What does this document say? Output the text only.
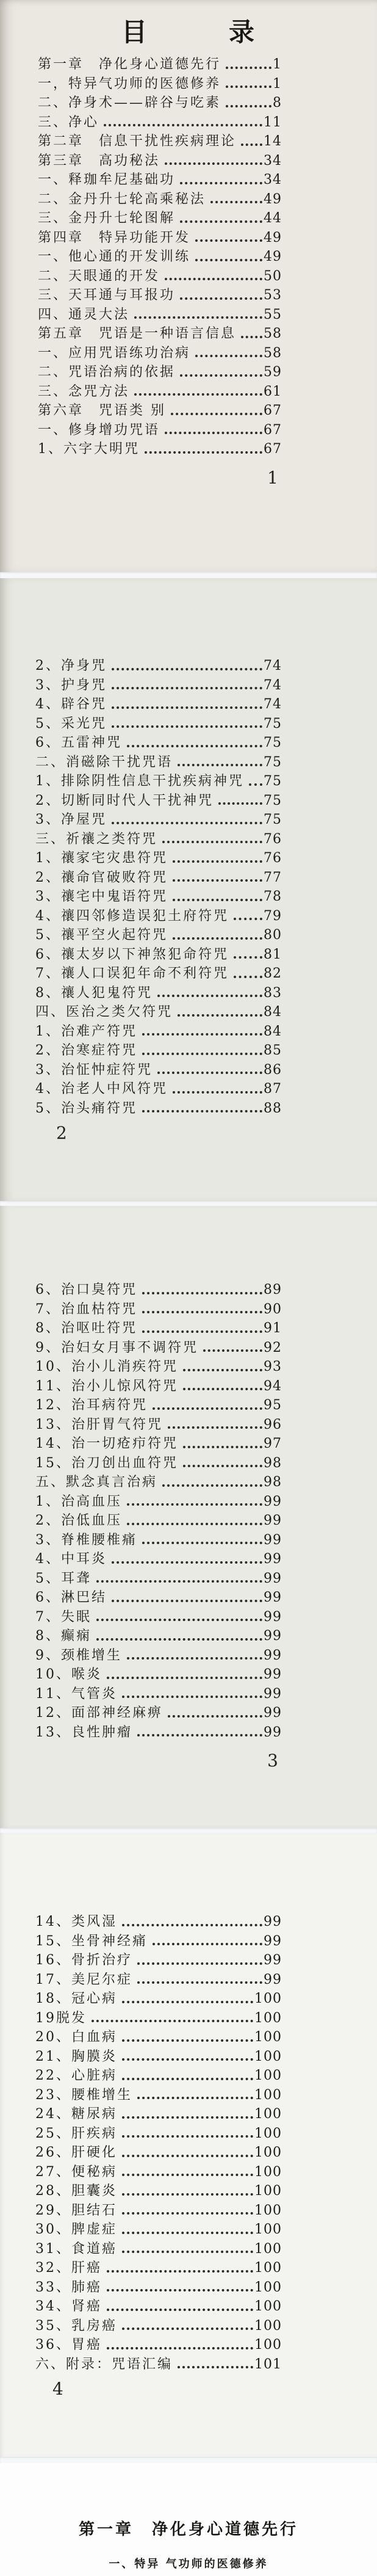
目　　　录
第一章　净化身心道德先行	1
一，特异气功师的医德修养	1
二、净身术——辟谷与吃素	8
三、净心	11
第二章　信息干扰性疾病理论 14
第三章　高功秘法	34
一、释珈牟尼基础功	34
二、金丹升七轮高乘秘法	49
三、金丹升七轮图解	44
第四章　特异功能开发	49
一、他心通的开发训练	49
二、天眼通的开发	50
三、天耳通与耳报功	53
四、通灵大法	55
第五章　咒语是一种语言信息 58
一、应用咒语练功治病	58
二、咒语治病的依据	59
三、念咒方法	61
第六章　咒语类 别	67
一、修身增功咒语	67
1、六字大明咒	67
1
2、净身咒	74
3、护身咒	74
4、辟谷咒	74
5、采光咒	75
6、五雷神咒	75
二、消磁除干扰咒语	75
1、排除阴性信息干扰疾病神咒 75
2、切断同时代人干扰神咒	75
3、净屋咒	75
三、祈禳之类符咒	76
1、禳家宅灾患符咒	76
2、禳命官破败符咒	77
3、禳宅中鬼语符咒	78
4、禳四邻修造误犯土府符咒	79
5、禳平空火起符咒	80
6、禳太岁以下神煞犯命符咒	81
7、禳人口误犯年命不利符咒	82
8、禳人犯鬼符咒	83
四、医治之类欠符咒	84
1、治难产符咒	84
2、治寒症符咒	85
3、治怔忡症符咒	86
4、治老人中风符咒	87
5、治头痛符咒	88
2
6、治口臭符咒	89
7、治血枯符咒	90
8、治呕吐符咒	91
9、治妇女月事不调符咒	92
10、治小儿消疾符咒	93
11、治小儿惊风符咒	94
12、治耳病符咒	95
13、治肝胃气符咒	96
14、治一切疮疖符咒	97
15、治刀创出血符咒	98
五、默念真言治病	98
1、治高血压	99
2、治低血压	99
3、脊椎腰椎痛	99
4、中耳炎	99
5、耳聋	99
6、淋巴结	99
7、失眠	99
8、癫痫	99
9、颈椎增生	99
10、喉炎	99
11、气管炎	99
12、面部神经麻痹	99
13、良性肿瘤	99
3
14、类风湿	99
15、坐骨神经痛	99
16、骨折治疗	99
17、美尼尔症	99
18、冠心病	100
19脱发	100
20、白血病	100
21、胸膜炎	100
22、心脏病	100
23、腰椎增生	100
24、糖尿病	100
25、肝疾病	100
26、肝硬化	100
27、便秘病	100
28、胆囊炎	100
29、胆结石	100
30、脾虚症	100
31、食道癌	100
32、肝癌	100
33、肺癌	100
34、肾癌	100
35、乳房癌	100
36、胃癌	100
六、附录：咒语汇编	101
4
第一章　净化身心道德先行
一、特异 气功师的医德修养
